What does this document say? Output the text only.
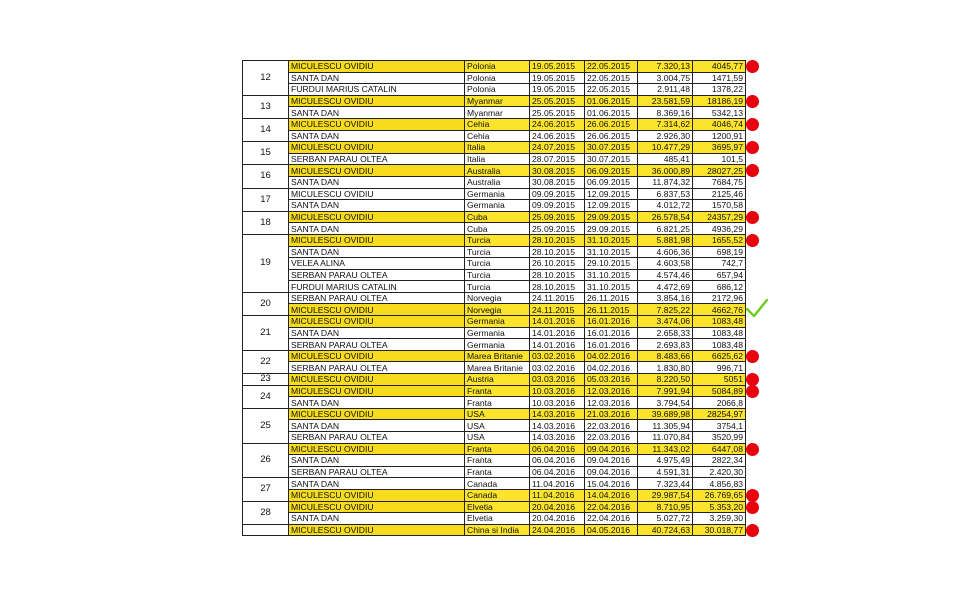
12	MICULESCU OVIDIU	Polonia	19.05.2015	22.05.2015	7.320,13	4045,77
	SANTA DAN	Polonia	19.05.2015	22.05.2015	3.004,75	1471,59
	FURDUI MARIUS CATALIN	Polonia	19.05.2015	22.05.2015	2.911,48	1378,22
13	MICULESCU OVIDIU	Myanmar	25.05.2015	01.06.2015	23.581,59	18186,19
	SANTA DAN	Myanmar	25.05.2015	01.06.2015	8.369,16	5342,13
14	MICULESCU OVIDIU	Cehia	24.06.2015	26.06.2015	7.314,62	4046,74
	SANTA DAN	Cehia	24.06.2015	26.06.2015	2.926,30	1200,91
15	MICULESCU OVIDIU	Italia	24.07.2015	30.07.2015	10.477,29	3695,97
	SERBAN PARAU OLTEA	Italia	28.07.2015	30.07.2015	485,41	101,5
16	MICULESCU OVIDIU	Australia	30.08.2015	06.09.2015	36.000,89	28027,25
	SANTA DAN	Australia	30.08.2015	06.09.2015	11.874,32	7684,75
17	MICULESCU OVIDIU	Germania	09.09.2015	12.09.2015	6.837,53	2125,46
	SANTA DAN	Germania	09.09.2015	12.09.2015	4.012,72	1570,58
18	MICULESCU OVIDIU	Cuba	25.09.2015	29.09.2015	26.578,54	24357,29
	SANTA DAN	Cuba	25.09.2015	29.09.2015	6.821,25	4936,29
19	MICULESCU OVIDIU	Turcia	28.10.2015	31.10.2015	5.881,98	1655,52
	SANTA DAN	Turcia	28.10.2015	31.10.2015	4.606,36	698,19
	VELEA ALINA	Turcia	26.10.2015	29.10.2015	4.603,58	742,7
	SERBAN PARAU OLTEA	Turcia	28.10.2015	31.10.2015	4.574,46	657,94
	FURDUI MARIUS CATALIN	Turcia	28.10.2015	31.10.2015	4.472,69	686,12
20	SERBAN PARAU OLTEA	Norvegia	24.11.2015	26.11.2015	3.854,16	2172,96
	MICULESCU OVIDIU	Norvegia	24.11.2015	26.11.2015	7.825,22	4662,76
21	MICULESCU OVIDIU	Germania	14.01.2016	16.01.2016	3.474,06	1083,48
	SANTA DAN	Germania	14.01.2016	16.01.2016	2.658,33	1083,48
	SERBAN PARAU OLTEA	Germania	14.01.2016	16.01.2016	2.693,83	1083,48
22	MICULESCU OVIDIU	Marea Britanie	03.02.2016	04.02.2016	8.483,66	6625,62
	SERBAN PARAU OLTEA	Marea Britanie	03.02.2016	04.02.2016	1.830,80	996,71
23	MICULESCU OVIDIU	Austria	03.03.2016	05.03.2016	8.220,50	5051
24	MICULESCU OVIDIU	Franta	10.03.2016	12.03.2016	7.991,94	5084,89
	SANTA DAN	Franta	10.03.2016	12.03.2016	3.794,54	2066,8
25	MICULESCU OVIDIU	USA	14.03.2016	21.03.2016	39.689,98	28254,97
	SANTA DAN	USA	14.03.2016	22.03.2016	11.305,94	3754,1
	SERBAN PARAU OLTEA	USA	14.03.2016	22.03.2016	11.070,84	3520,99
26	MICULESCU OVIDIU	Franta	06.04.2016	09.04.2016	11.343,02	6447,08
	SANTA DAN	Franta	06.04.2016	09.04.2016	4.975,49	2822,34
	SERBAN PARAU OLTEA	Franta	06.04.2016	09.04.2016	4.591,31	2.420,30
27	SANTA DAN	Canada	11.04.2016	15.04.2016	7.323,44	4.856,83
	MICULESCU OVIDIU	Canada	11.04.2016	14.04.2016	29.987,54	26.769,65
28	MICULESCU OVIDIU	Elvetia	20.04.2016	22.04.2016	8.710,95	5.353,20
	SANTA DAN	Elvetia	20.04.2016	22.04.2016	5.027,72	3.259,30
	MICULESCU OVIDIU	China si India	24.04.2016	04.05.2016	40.724,63	30.018,77
